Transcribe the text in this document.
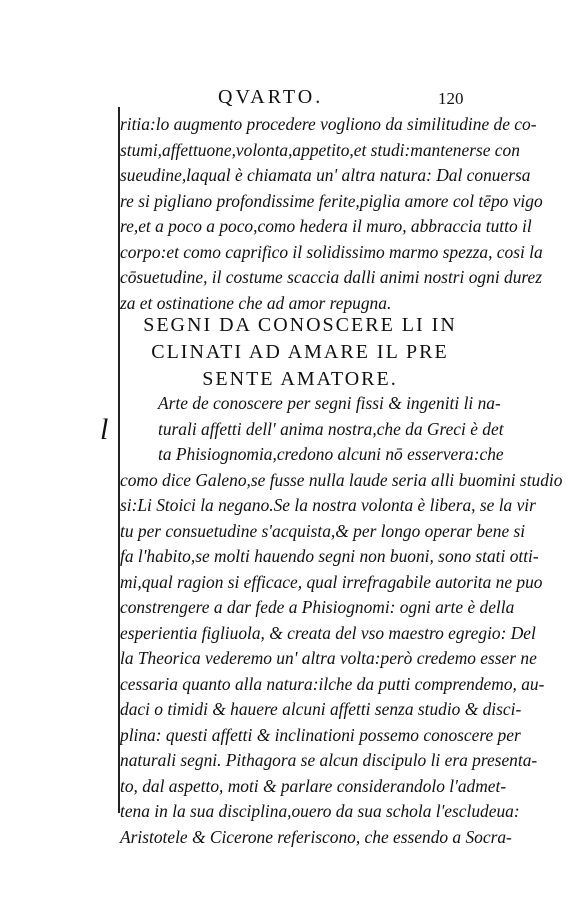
QVARTO.	120
ritia:lo augmento procedere vogliono da similitudine de co-
stumi,affettuone,volonta,appetito,et studi:mantenerse con
sueudine,laqual è chiamata un' altra natura: Dal conuersa
re si pigliano profondissime ferite,piglia amore col tēpo vigo
re,et a poco a poco,como hedera il muro, abbraccia tutto il
corpo:et como caprifico il solidissimo marmo spezza, cosi la
cōsuetudine, il costume scaccia dalli animi nostri ogni durez
za et ostinatione che ad amor repugna.
SEGNI DA CONOSCERE LI IN
CLINATI AD AMARE IL PRE
SENTE AMATORE.
l
Arte de conoscere per segni fissi & ingeniti li na-
turali affetti dell' anima nostra,che da Greci è det
ta Phisiognomia,credono alcuni nō esservera:che
como dice Galeno,se fusse nulla laude seria alli buomini studio
si:Li Stoici la negano.Se la nostra volonta è libera, se la vir
tu per consuetudine s'acquista,& per longo operar bene si
fa l'habito,se molti hauendo segni non buoni, sono stati otti-
mi,qual ragion si efficace, qual irrefragabile autorita ne puo
constrengere a dar fede a Phisiognomi: ogni arte è della
esperientia figliuola, & creata del vso maestro egregio: Del
la Theorica vederemo un' altra volta:però credemo esser ne
cessaria quanto alla natura:ilche da putti comprendemo, au-
daci o timidi & hauere alcuni affetti senza studio & disci-
plina: questi affetti & inclinationi possemo conoscere per
naturali segni. Pithagora se alcun discipulo li era presenta-
to, dal aspetto, moti & parlare considerandolo l'admet-
tena in la sua disciplina,ouero da sua schola l'escludeua:
Aristotele & Cicerone referiscono, che essendo a Socra-
